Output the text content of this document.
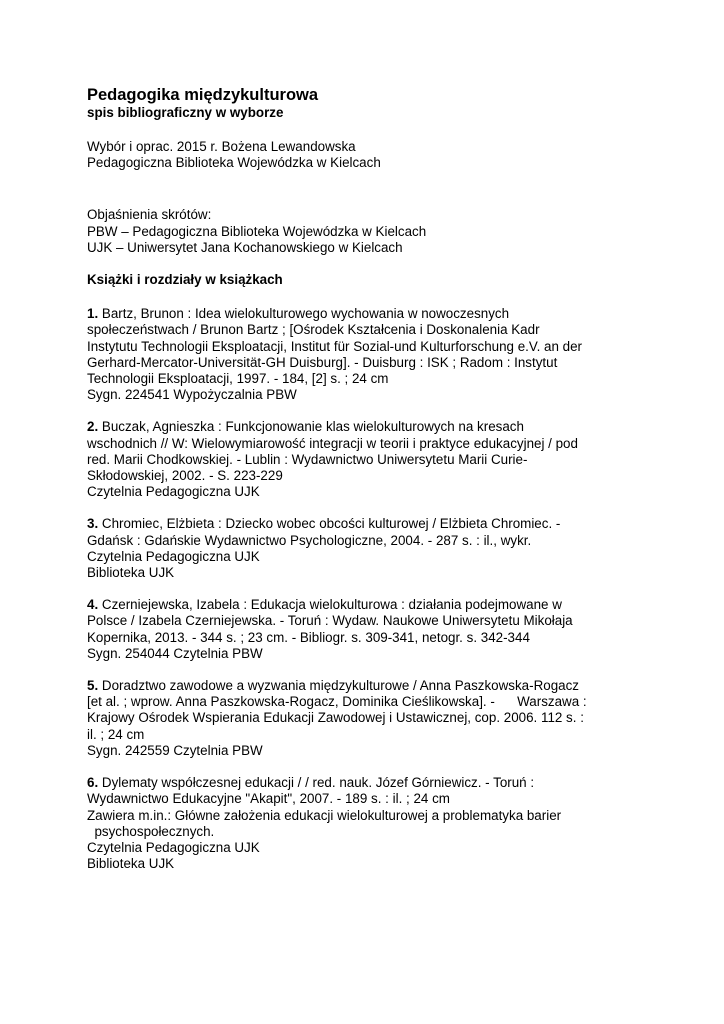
Pedagogika międzykulturowa

spis bibliograficzny w wyborze

Wybór i oprac. 2015 r. Bożena Lewandowska

Pedagogiczna Biblioteka Wojewódzka w Kielcach

Objaśnienia skrótów:

PBW – Pedagogiczna Biblioteka Wojewódzka w Kielcach

UJK – Uniwersytet Jana Kochanowskiego w Kielcach

Książki i rozdziały w książkach

1. Bartz, Brunon : Idea wielokulturowego wychowania w nowoczesnych

społeczeństwach / Brunon Bartz ; [Ośrodek Kształcenia i Doskonalenia Kadr

Instytutu Technologii Eksploatacji, Institut für Sozial-und Kulturforschung e.V. an der

Gerhard-Mercator-Universität-GH Duisburg]. - Duisburg : ISK ; Radom : Instytut

Technologii Eksploatacji, 1997. - 184, [2] s. ; 24 cm

Sygn. 224541 Wypożyczalnia PBW

2. Buczak, Agnieszka : Funkcjonowanie klas wielokulturowych na kresach

wschodnich // W: Wielowymiarowość integracji w teorii i praktyce edukacyjnej / pod

red. Marii Chodkowskiej. - Lublin : Wydawnictwo Uniwersytetu Marii Curie-

Skłodowskiej, 2002. - S. 223-229

Czytelnia Pedagogiczna UJK

3. Chromiec, Elżbieta : Dziecko wobec obcości kulturowej / Elżbieta Chromiec. -

Gdańsk : Gdańskie Wydawnictwo Psychologiczne, 2004. - 287 s. : il., wykr.

Czytelnia Pedagogiczna UJK

Biblioteka UJK

4. Czerniejewska, Izabela : Edukacja wielokulturowa : działania podejmowane w

Polsce / Izabela Czerniejewska. - Toruń : Wydaw. Naukowe Uniwersytetu Mikołaja

Kopernika, 2013. - 344 s. ; 23 cm. - Bibliogr. s. 309-341, netogr. s. 342-344

Sygn. 254044 Czytelnia PBW

5. Doradztwo zawodowe a wyzwania międzykulturowe / Anna Paszkowska-Rogacz

[et al. ; wprow. Anna Paszkowska-Rogacz, Dominika Cieślikowska]. -      Warszawa :

Krajowy Ośrodek Wspierania Edukacji Zawodowej i Ustawicznej, cop. 2006. 112 s. :

il. ; 24 cm

Sygn. 242559 Czytelnia PBW

6. Dylematy współczesnej edukacji / / red. nauk. Józef Górniewicz. - Toruń :

Wydawnictwo Edukacyjne "Akapit", 2007. - 189 s. : il. ; 24 cm

Zawiera m.in.: Główne założenia edukacji wielokulturowej a problematyka barier

psychospołecznych.

Czytelnia Pedagogiczna UJK

Biblioteka UJK
